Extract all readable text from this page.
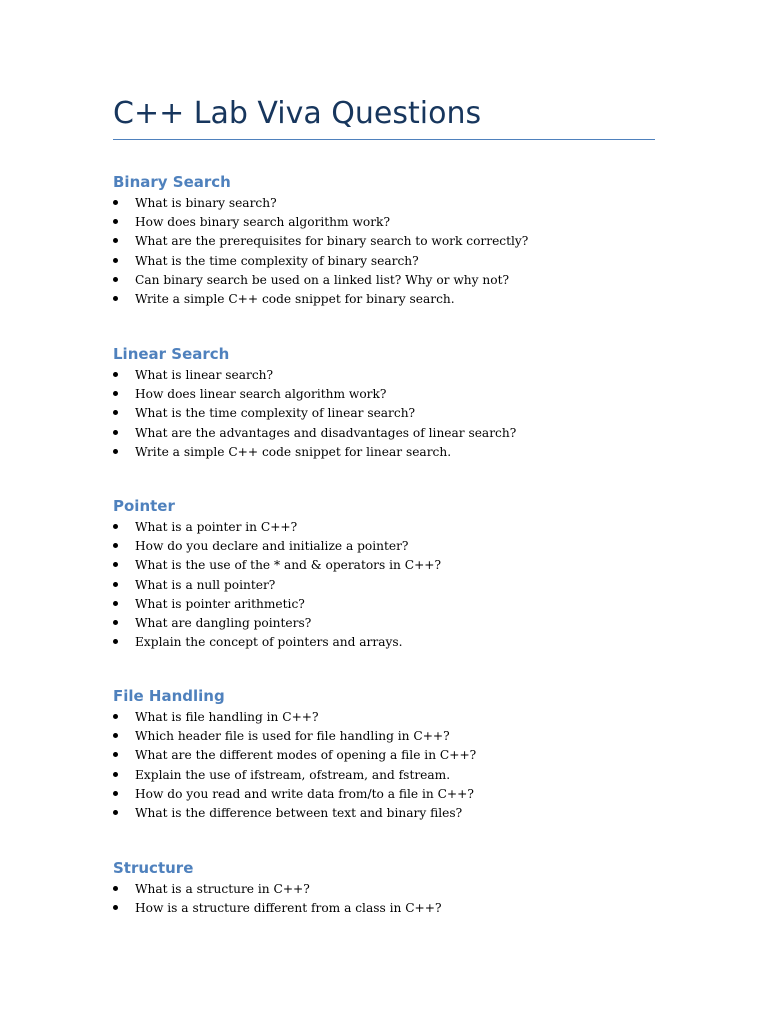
C++ Lab Viva Questions
Binary Search
What is binary search?
How does binary search algorithm work?
What are the prerequisites for binary search to work correctly?
What is the time complexity of binary search?
Can binary search be used on a linked list? Why or why not?
Write a simple C++ code snippet for binary search.
Linear Search
What is linear search?
How does linear search algorithm work?
What is the time complexity of linear search?
What are the advantages and disadvantages of linear search?
Write a simple C++ code snippet for linear search.
Pointer
What is a pointer in C++?
How do you declare and initialize a pointer?
What is the use of the * and & operators in C++?
What is a null pointer?
What is pointer arithmetic?
What are dangling pointers?
Explain the concept of pointers and arrays.
File Handling
What is file handling in C++?
Which header file is used for file handling in C++?
What are the different modes of opening a file in C++?
Explain the use of ifstream, ofstream, and fstream.
How do you read and write data from/to a file in C++?
What is the difference between text and binary files?
Structure
What is a structure in C++?
How is a structure different from a class in C++?
